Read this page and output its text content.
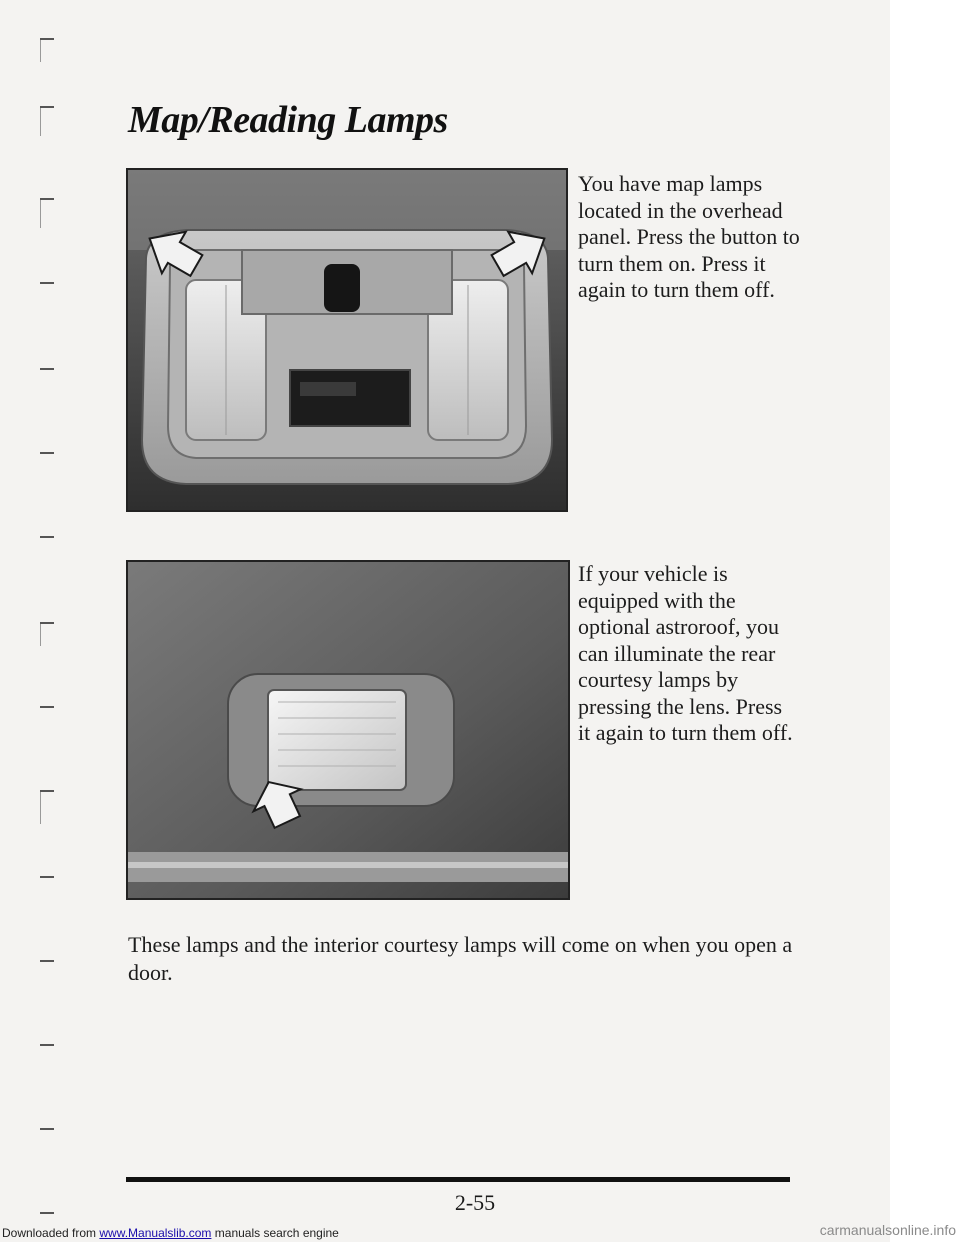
Map/Reading Lamps

You have map lamps located in the overhead panel. Press the button to turn them on. Press it again to turn them off.

If your vehicle is equipped with the optional astroroof, you can illuminate the rear courtesy lamps by pressing the lens. Press it again to turn them off.

These lamps and the interior courtesy lamps will come on when you open a door.

2-55
Downloaded from www.Manualslib.com manuals search engine	carmanualsonline.info
